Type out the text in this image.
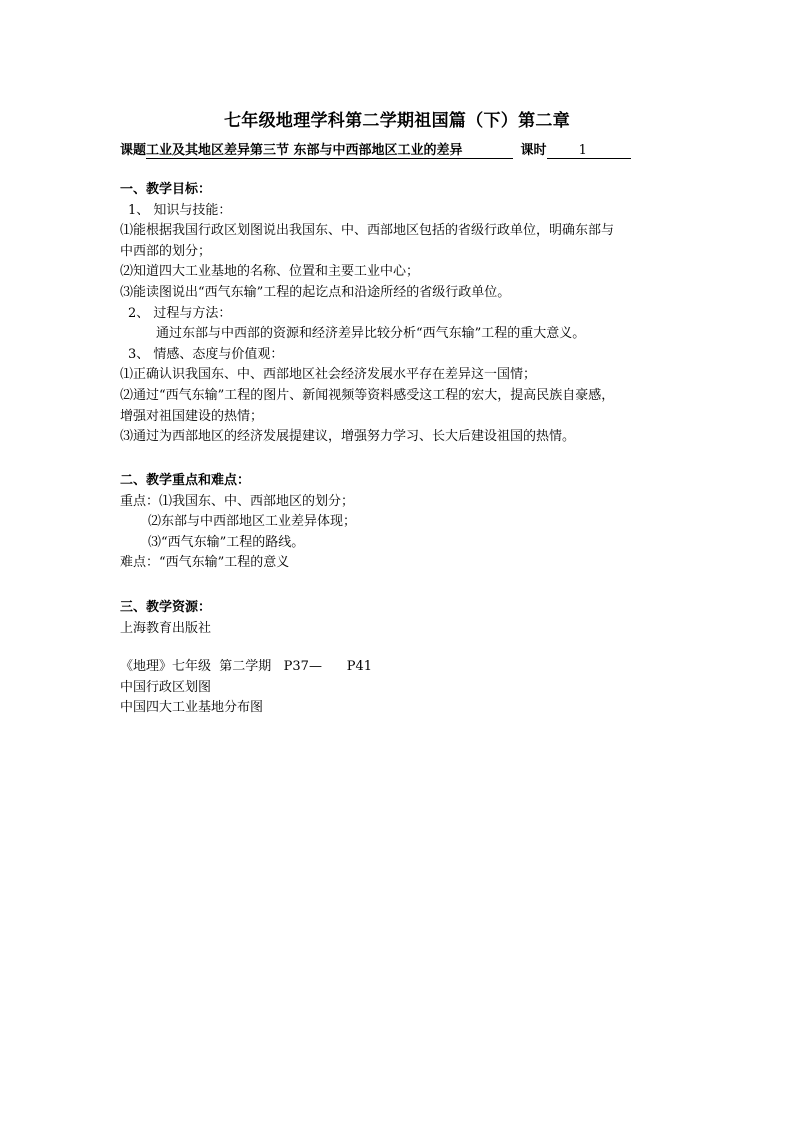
七年级地理学科第二学期祖国篇（下）第二章
课题 工业及其地区差异第三节 东部与中西部地区工业的差异	课时	1
一、教学目标：
1、 知识与技能：
⑴能根据我国行政区划图说出我国东、中、西部地区包括的省级行政单位，明确东部与
中西部的划分；
⑵知道四大工业基地的名称、位置和主要工业中心；
⑶能读图说出“西气东输”工程的起讫点和沿途所经的省级行政单位。
2、 过程与方法：
通过东部与中西部的资源和经济差异比较分析“西气东输”工程的重大意义。
3、 情感、态度与价值观：
⑴正确认识我国东、中、西部地区社会经济发展水平存在差异这一国情；
⑵通过“西气东输”工程的图片、新闻视频等资料感受这工程的宏大，提高民族自豪感，
增强对祖国建设的热情；
⑶通过为西部地区的经济发展提建议，增强努力学习、长大后建设祖国的热情。
二、教学重点和难点：
重点：⑴我国东、中、西部地区的划分；
⑵东部与中西部地区工业差异体现；
⑶“西气东输”工程的路线。
难点：“西气东输”工程的意义
三、教学资源：
上海教育出版社
《地理》七年级  第二学期   P37—      P41
中国行政区划图
中国四大工业基地分布图
